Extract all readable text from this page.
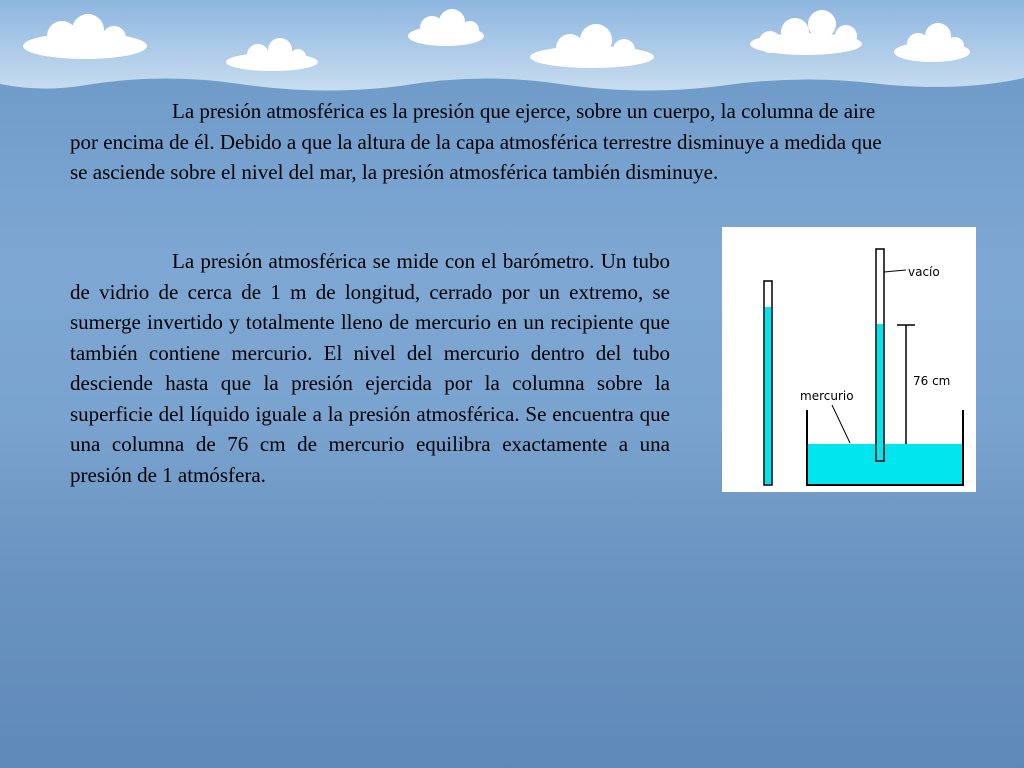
La presión atmosférica es la presión que ejerce, sobre un cuerpo, la columna de aire por encima de él. Debido a que la altura de la capa atmosférica terrestre disminuye a medida que se asciende sobre el nivel del mar, la presión atmosférica también disminuye.
La presión atmosférica se mide con el barómetro. Un tubo de vidrio de cerca de 1 m de longitud, cerrado por un extremo, se sumerge invertido y totalmente lleno de mercurio en un recipiente que también contiene mercurio. El nivel del mercurio dentro del tubo desciende hasta que la presión ejercida por la columna sobre la superficie del líquido iguale a la presión atmosférica. Se encuentra que una columna de 76 cm de mercurio equilibra exactamente a una presión de 1 atmósfera.
vacío
76 cm
mercurio
